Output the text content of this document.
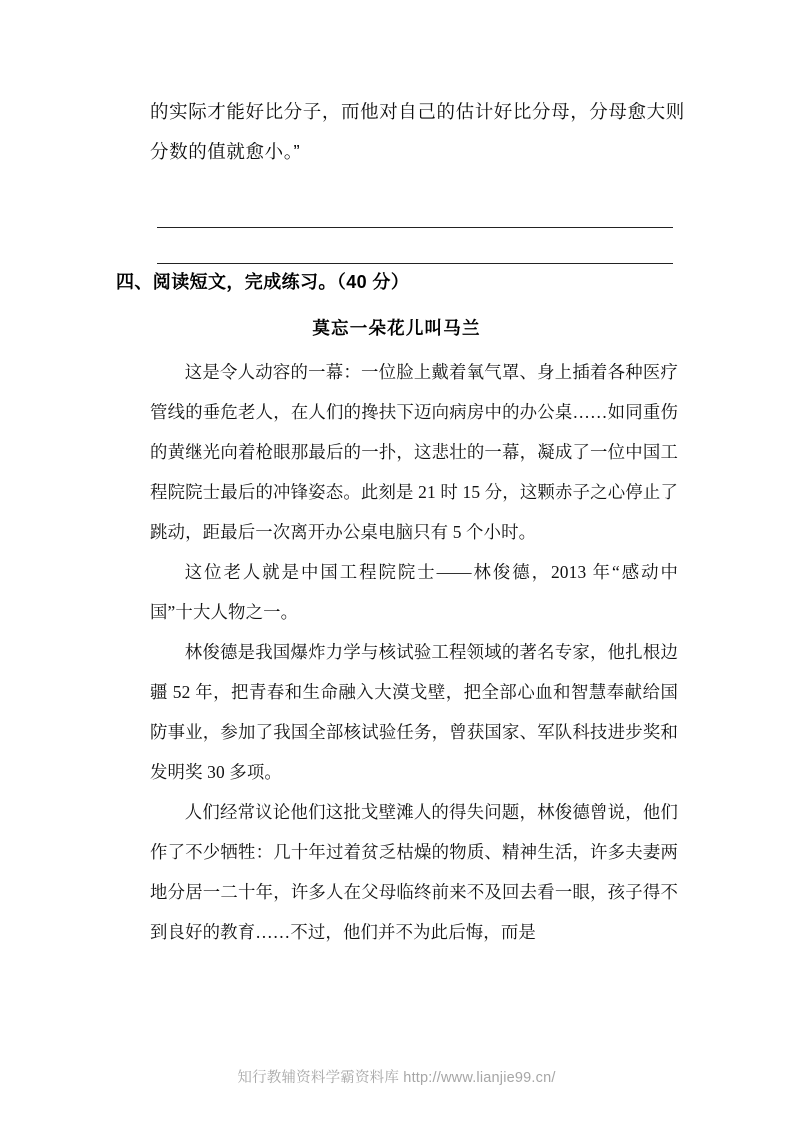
的实际才能好比分子，而他对自己的估计好比分母，分母愈大则
分数的值就愈小。”
四、阅读短文，完成练习。（40 分）
莫忘一朵花儿叫马兰

这是令人动容的一幕：一位脸上戴着氧气罩、身上插着各种医疗管线的垂危老人，在人们的搀扶下迈向病房中的办公桌……如同重伤的黄继光向着枪眼那最后的一扑，这悲壮的一幕，凝成了一位中国工程院院士最后的冲锋姿态。此刻是 21 时 15 分，这颗赤子之心停止了跳动，距最后一次离开办公桌电脑只有 5 个小时。

这位老人就是中国工程院院士——林俊德，2013 年“感动中国”十大人物之一。

林俊德是我国爆炸力学与核试验工程领域的著名专家，他扎根边疆 52 年，把青春和生命融入大漠戈壁，把全部心血和智慧奉献给国防事业，参加了我国全部核试验任务，曾获国家、军队科技进步奖和发明奖 30 多项。

人们经常议论他们这批戈壁滩人的得失问题，林俊德曾说，他们作了不少牺牲：几十年过着贫乏枯燥的物质、精神生活，许多夫妻两地分居一二十年，许多人在父母临终前来不及回去看一眼，孩子得不到良好的教育……不过，他们并不为此后悔，而是

知行教辅资料学霸资料库 http://www.lianjie99.cn/
